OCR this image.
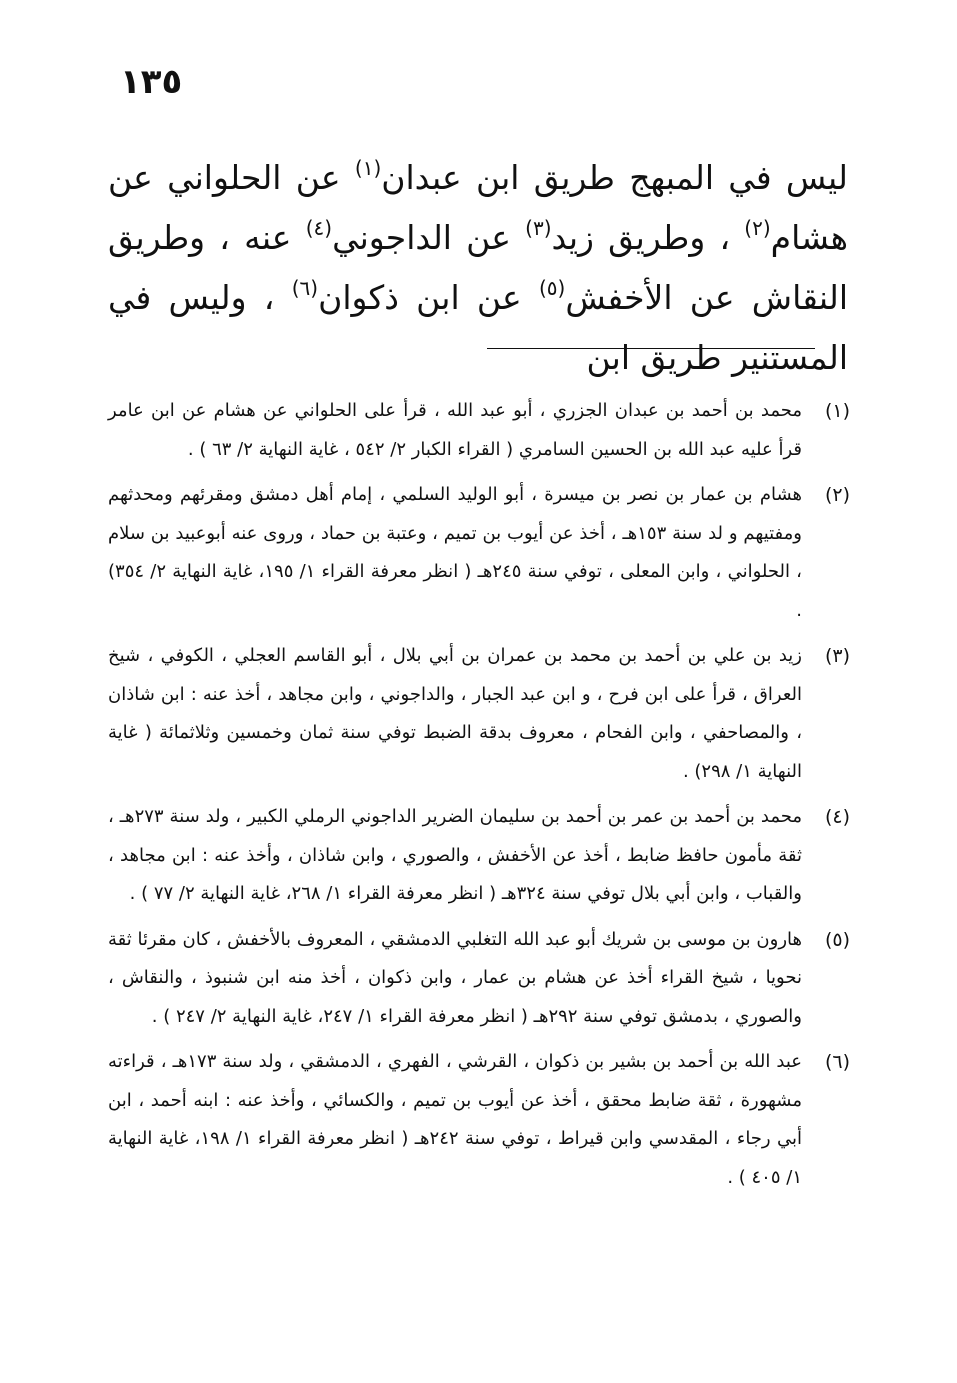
١٣٥
ليس في المبهج طريق ابن عبدان$^{(١)}$ عن الحلواني عن هشام$^{(٢)}$ ، وطريق زيد$^{(٣)}$ عن الداجوني$^{(٤)}$ عنه ، وطريق النقاش عن الأخفش$^{(٥)}$ عن ابن ذكوان$^{(٦)}$ ، وليس في المستنير طريق ابن
(١)
محمد بن أحمد بن عبدان الجزري ، أبو عبد الله ، قرأ على الحلواني عن هشام عن ابن عامر قرأ عليه عبد الله بن الحسين السامري ( القراء الكبار ٢/ ٥٤٢ ، غاية النهاية ٢/ ٦٣ ) .
(٢)
هشام بن عمار بن نصر بن ميسرة ، أبو الوليد السلمي ، إمام أهل دمشق ومقرئهم ومحدثهم ومفتيهم و لد سنة ١٥٣هـ ، أخذ عن أيوب بن تميم ، وعتبة بن حماد ، وروى عنه أبوعبيد بن سلام ، الحلواني ، وابن المعلى ، توفي سنة ٢٤٥هـ ( انظر معرفة القراء ١/ ١٩٥، غاية النهاية ٢/ ٣٥٤) .
(٣)
زيد بن علي بن أحمد بن محمد بن عمران بن أبي بلال ، أبو القاسم العجلي ، الكوفي ، شيخ العراق ، قرأ على ابن فرح ، و ابن عبد الجبار ، والداجوني ، وابن مجاهد ، أخذ عنه : ابن شاذان ، والمصاحفي ، وابن الفحام ، معروف بدقة الضبط توفي سنة ثمان وخمسين وثلاثمائة ( غاية النهاية ١/ ٢٩٨) .
(٤)
محمد بن أحمد بن عمر بن أحمد بن سليمان الضرير الداجوني الرملي الكبير ، ولد سنة ٢٧٣هـ ، ثقة مأمون حافظ ضابط ، أخذ عن الأخفش ، والصوري ، وابن شاذان ، وأخذ عنه : ابن مجاهد ، والقباب ، وابن أبي بلال توفي سنة ٣٢٤هـ ( انظر معرفة القراء ١/ ٢٦٨، غاية النهاية ٢/ ٧٧ ) .
(٥)
هارون بن موسى بن شريك أبو عبد الله التغلبي الدمشقي ، المعروف بالأخفش ، كان مقرئا ثقة نحويا ، شيخ القراء أخذ عن هشام بن عمار ، وابن ذكوان ، أخذ منه ابن شنبوذ ، والنقاش ، والصوري ، بدمشق توفي سنة ٢٩٢هـ ( انظر معرفة القراء ١/ ٢٤٧، غاية النهاية ٢/ ٢٤٧ ) .
(٦)
عبد الله بن أحمد بن بشير بن ذكوان ، القرشي ، الفهري ، الدمشقي ، ولد سنة ١٧٣هـ ، قراءته مشهورة ، ثقة ضابط محقق ، أخذ عن أيوب بن تميم ، والكسائي ، وأخذ عنه : ابنه أحمد ، ابن أبي رجاء ، المقدسي وابن قيراط ، توفي سنة ٢٤٢هـ ( انظر معرفة القراء ١/ ١٩٨، غاية النهاية ١/ ٤٠٥ ) .
